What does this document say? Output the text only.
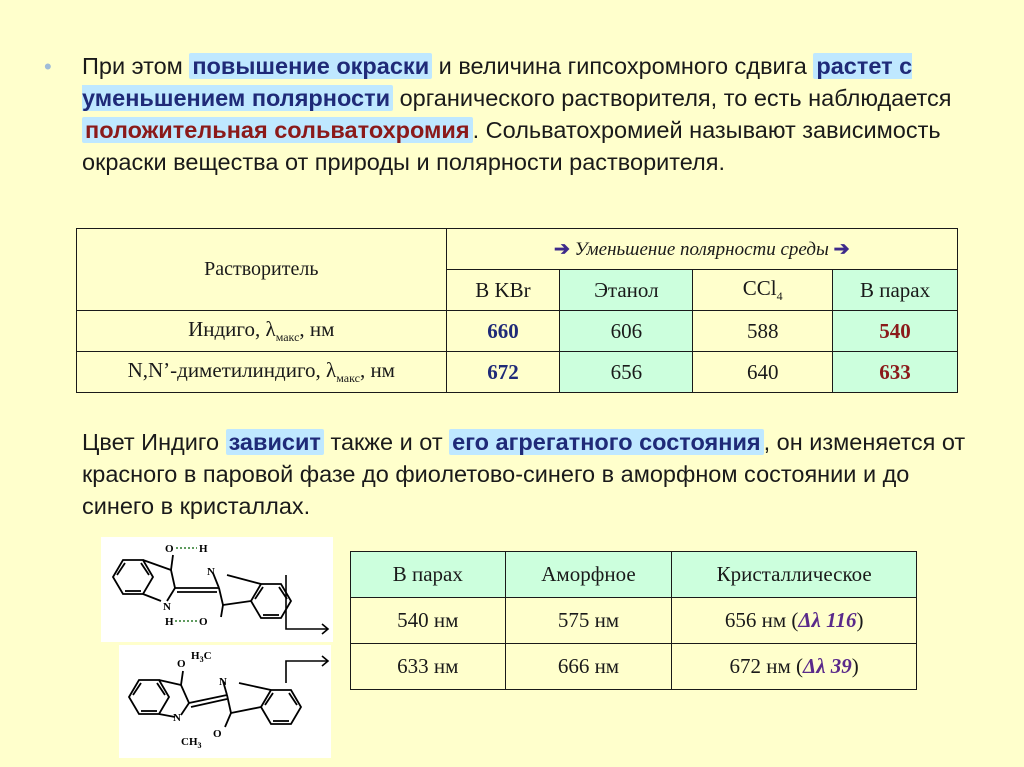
• При этом повышение окраски и величина гипсохромного сдвига растет с уменьшением полярности органического растворителя, то есть наблюдается положительная сольватохромия . Сольватохромией называют зависимость окраски вещества от природы и полярности растворителя.
Растворитель	➔ Уменьшение полярности среды ➔			
	В KBr	Этанол	CCl$_4$	В парах
Индиго, $\lambda_{макс}$, нм	660	606	588	540
N,N’-диметилиндиго, $\lambda_{макс}$, нм	672	656	640	633
Цвет Индиго зависит также и от его агрегатного состояния , он изменяется от красного в паровой фазе до фиолетово-синего в аморфном состоянии и до синего в кристаллах.
O H
N
N
H O
O
$H_3C$
N
N
$CH_3$
O
В парах	Аморфное	Кристаллическое
540 нм	575 нм	656 нм (Δλ 116)
633 нм	666 нм	672 нм (Δλ 39)
